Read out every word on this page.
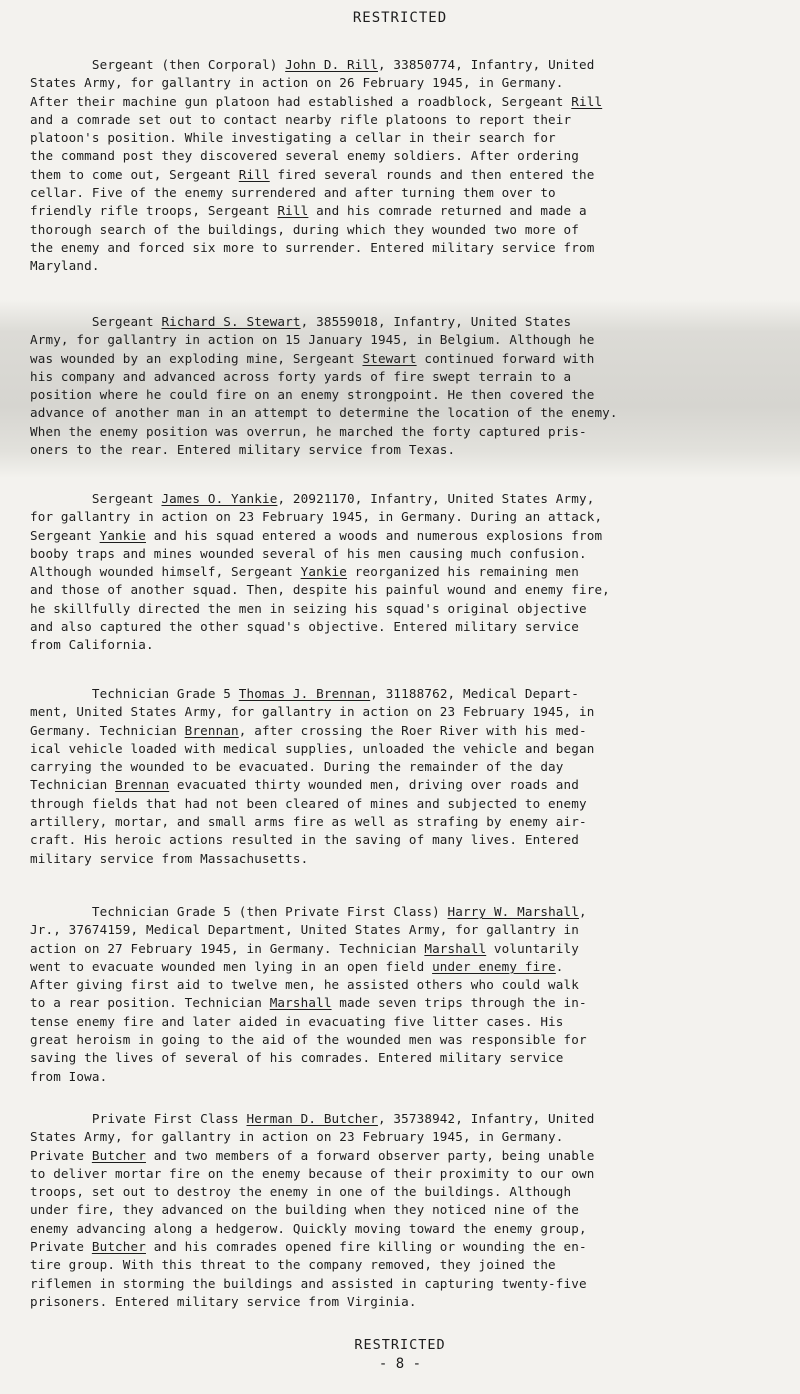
RESTRICTED
Sergeant (then Corporal) John D. Rill, 33850774, Infantry, United
States Army, for gallantry in action on 26 February 1945, in Germany.
After their machine gun platoon had established a roadblock, Sergeant Rill
and a comrade set out to contact nearby rifle platoons to report their
platoon's position. While investigating a cellar in their search for
the command post they discovered several enemy soldiers. After ordering
them to come out, Sergeant Rill fired several rounds and then entered the
cellar. Five of the enemy surrendered and after turning them over to
friendly rifle troops, Sergeant Rill and his comrade returned and made a
thorough search of the buildings, during which they wounded two more of
the enemy and forced six more to surrender. Entered military service from
Maryland.
Sergeant Richard S. Stewart, 38559018, Infantry, United States
Army, for gallantry in action on 15 January 1945, in Belgium. Although he
was wounded by an exploding mine, Sergeant Stewart continued forward with
his company and advanced across forty yards of fire swept terrain to a
position where he could fire on an enemy strongpoint. He then covered the
advance of another man in an attempt to determine the location of the enemy.
When the enemy position was overrun, he marched the forty captured pris-
oners to the rear. Entered military service from Texas.
Sergeant James O. Yankie, 20921170, Infantry, United States Army,
for gallantry in action on 23 February 1945, in Germany. During an attack,
Sergeant Yankie and his squad entered a woods and numerous explosions from
booby traps and mines wounded several of his men causing much confusion.
Although wounded himself, Sergeant Yankie reorganized his remaining men
and those of another squad. Then, despite his painful wound and enemy fire,
he skillfully directed the men in seizing his squad's original objective
and also captured the other squad's objective. Entered military service
from California.
Technician Grade 5 Thomas J. Brennan, 31188762, Medical Depart-
ment, United States Army, for gallantry in action on 23 February 1945, in
Germany. Technician Brennan, after crossing the Roer River with his med-
ical vehicle loaded with medical supplies, unloaded the vehicle and began
carrying the wounded to be evacuated. During the remainder of the day
Technician Brennan evacuated thirty wounded men, driving over roads and
through fields that had not been cleared of mines and subjected to enemy
artillery, mortar, and small arms fire as well as strafing by enemy air-
craft. His heroic actions resulted in the saving of many lives. Entered
military service from Massachusetts.
Technician Grade 5 (then Private First Class) Harry W. Marshall,
Jr., 37674159, Medical Department, United States Army, for gallantry in
action on 27 February 1945, in Germany. Technician Marshall voluntarily
went to evacuate wounded men lying in an open field under enemy fire.
After giving first aid to twelve men, he assisted others who could walk
to a rear position. Technician Marshall made seven trips through the in-
tense enemy fire and later aided in evacuating five litter cases. His
great heroism in going to the aid of the wounded men was responsible for
saving the lives of several of his comrades. Entered military service
from Iowa.
Private First Class Herman D. Butcher, 35738942, Infantry, United
States Army, for gallantry in action on 23 February 1945, in Germany.
Private Butcher and two members of a forward observer party, being unable
to deliver mortar fire on the enemy because of their proximity to our own
troops, set out to destroy the enemy in one of the buildings. Although
under fire, they advanced on the building when they noticed nine of the
enemy advancing along a hedgerow. Quickly moving toward the enemy group,
Private Butcher and his comrades opened fire killing or wounding the en-
tire group. With this threat to the company removed, they joined the
riflemen in storming the buildings and assisted in capturing twenty-five
prisoners. Entered military service from Virginia.
RESTRICTED
- 8 -
